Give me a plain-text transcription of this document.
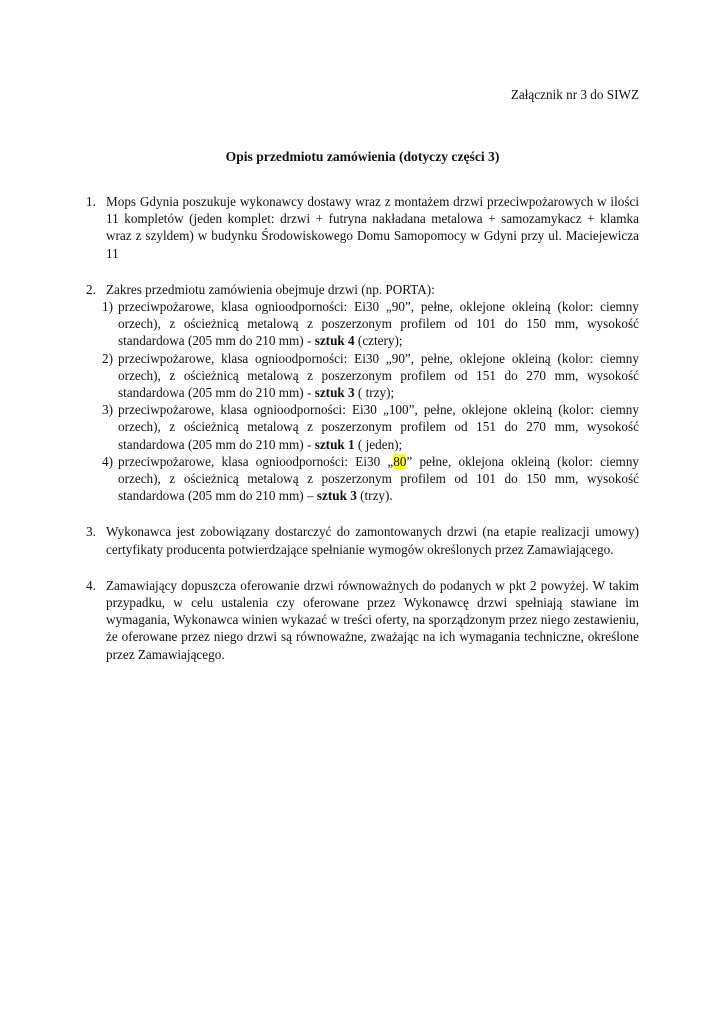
Załącznik nr 3 do SIWZ

Opis przedmiotu zamówienia (dotyczy części 3)
1. Mops Gdynia poszukuje wykonawcy dostawy wraz z montażem drzwi przeciwpożarowych w ilości 11 kompletów (jeden komplet: drzwi + futryna nakładana metalowa + samozamykacz + klamka wraz z szyldem) w budynku Środowiskowego Domu Samopomocy w Gdyni przy ul. Maciejewicza 11

2. Zakres przedmiotu zamówienia obejmuje drzwi (np. PORTA):

1) przeciwpożarowe, klasa ognioodporności: Ei30 „90”, pełne, oklejone okleiną (kolor: ciemny orzech), z ościeżnicą metalową z poszerzonym profilem od 101 do 150 mm, wysokość standardowa (205 mm do 210 mm) - sztuk 4 (cztery);
2) przeciwpożarowe, klasa ognioodporności: Ei30 „90”, pełne, oklejone okleiną (kolor: ciemny orzech), z ościeżnicą metalową z poszerzonym profilem od 151 do 270 mm, wysokość standardowa (205 mm do 210 mm) - sztuk 3 ( trzy);
3) przeciwpożarowe, klasa ognioodporności: Ei30 „100”, pełne, oklejone okleiną (kolor: ciemny orzech), z ościeżnicą metalową z poszerzonym profilem od 151 do 270 mm, wysokość standardowa (205 mm do 210 mm) - sztuk 1 ( jeden);
4) przeciwpożarowe, klasa ognioodporności: Ei30 „80” pełne, oklejona okleiną (kolor: ciemny orzech), z ościeżnicą metalową z poszerzonym profilem od 101 do 150 mm, wysokość standardowa (205 mm do 210 mm) – sztuk 3 (trzy).
3. Wykonawca jest zobowiązany dostarczyć do zamontowanych drzwi (na etapie realizacji umowy) certyfikaty producenta potwierdzające spełnianie wymogów określonych przez Zamawiającego.

4. Zamawiający dopuszcza oferowanie drzwi równoważnych do podanych w pkt 2 powyżej. W takim przypadku, w celu ustalenia czy oferowane przez Wykonawcę drzwi spełniają stawiane im wymagania, Wykonawca winien wykazać w treści oferty, na sporządzonym przez niego zestawieniu, że oferowane przez niego drzwi są równoważne, zważając na ich wymagania techniczne, określone przez Zamawiającego.
